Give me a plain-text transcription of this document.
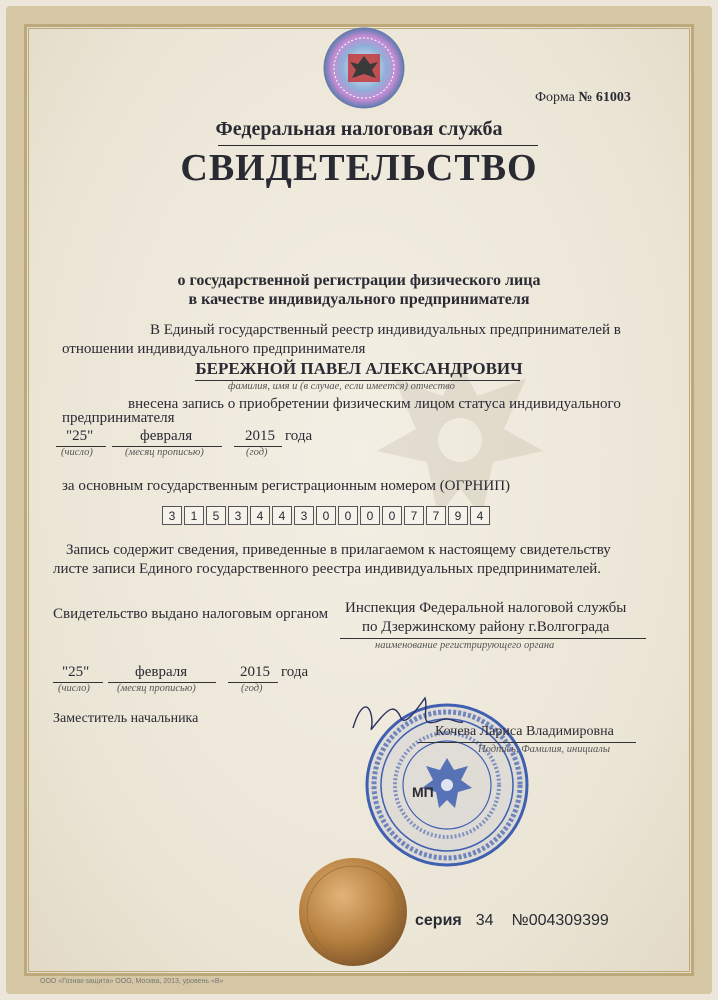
Форма № 61003
Федеральная налоговая служба
СВИДЕТЕЛЬСТВО
о государственной регистрации физического лица
в качестве индивидуального предпринимателя
В Единый государственный реестр индивидуальных предпринимателей в
отношении индивидуального предпринимателя
БЕРЕЖНОЙ ПАВЕЛ АЛЕКСАНДРОВИЧ
фамилия, имя и (в случае, если имеется) отчество
внесена запись о приобретении физическим лицом статуса индивидуального
предпринимателя
"25"
(число)
февраля
(месяц прописью)
2015
(год)
года
за основным государственным регистрационным номером (ОГРНИП)
3	1	5	3	4	4	3	0	0	0	0	7	7	9	4
Запись содержит сведения, приведенные в прилагаемом к настоящему свидетельству
листе записи Единого государственного реестра индивидуальных предпринимателей.
Свидетельство выдано налоговым органом Инспекция Федеральной налоговой службы
по Дзержинскому району г.Волгограда
наименование регистрирующего органа
"25"
(число)
февраля
(месяц прописью)
2015
(год)
года
Заместитель начальника
Кочева Лариса Владимировна
Подпись, Фамилия, инициалы
МП
серия 34 №004309399
ООО «Гознак-защита» ООО, Москва, 2013, уровень «В»
